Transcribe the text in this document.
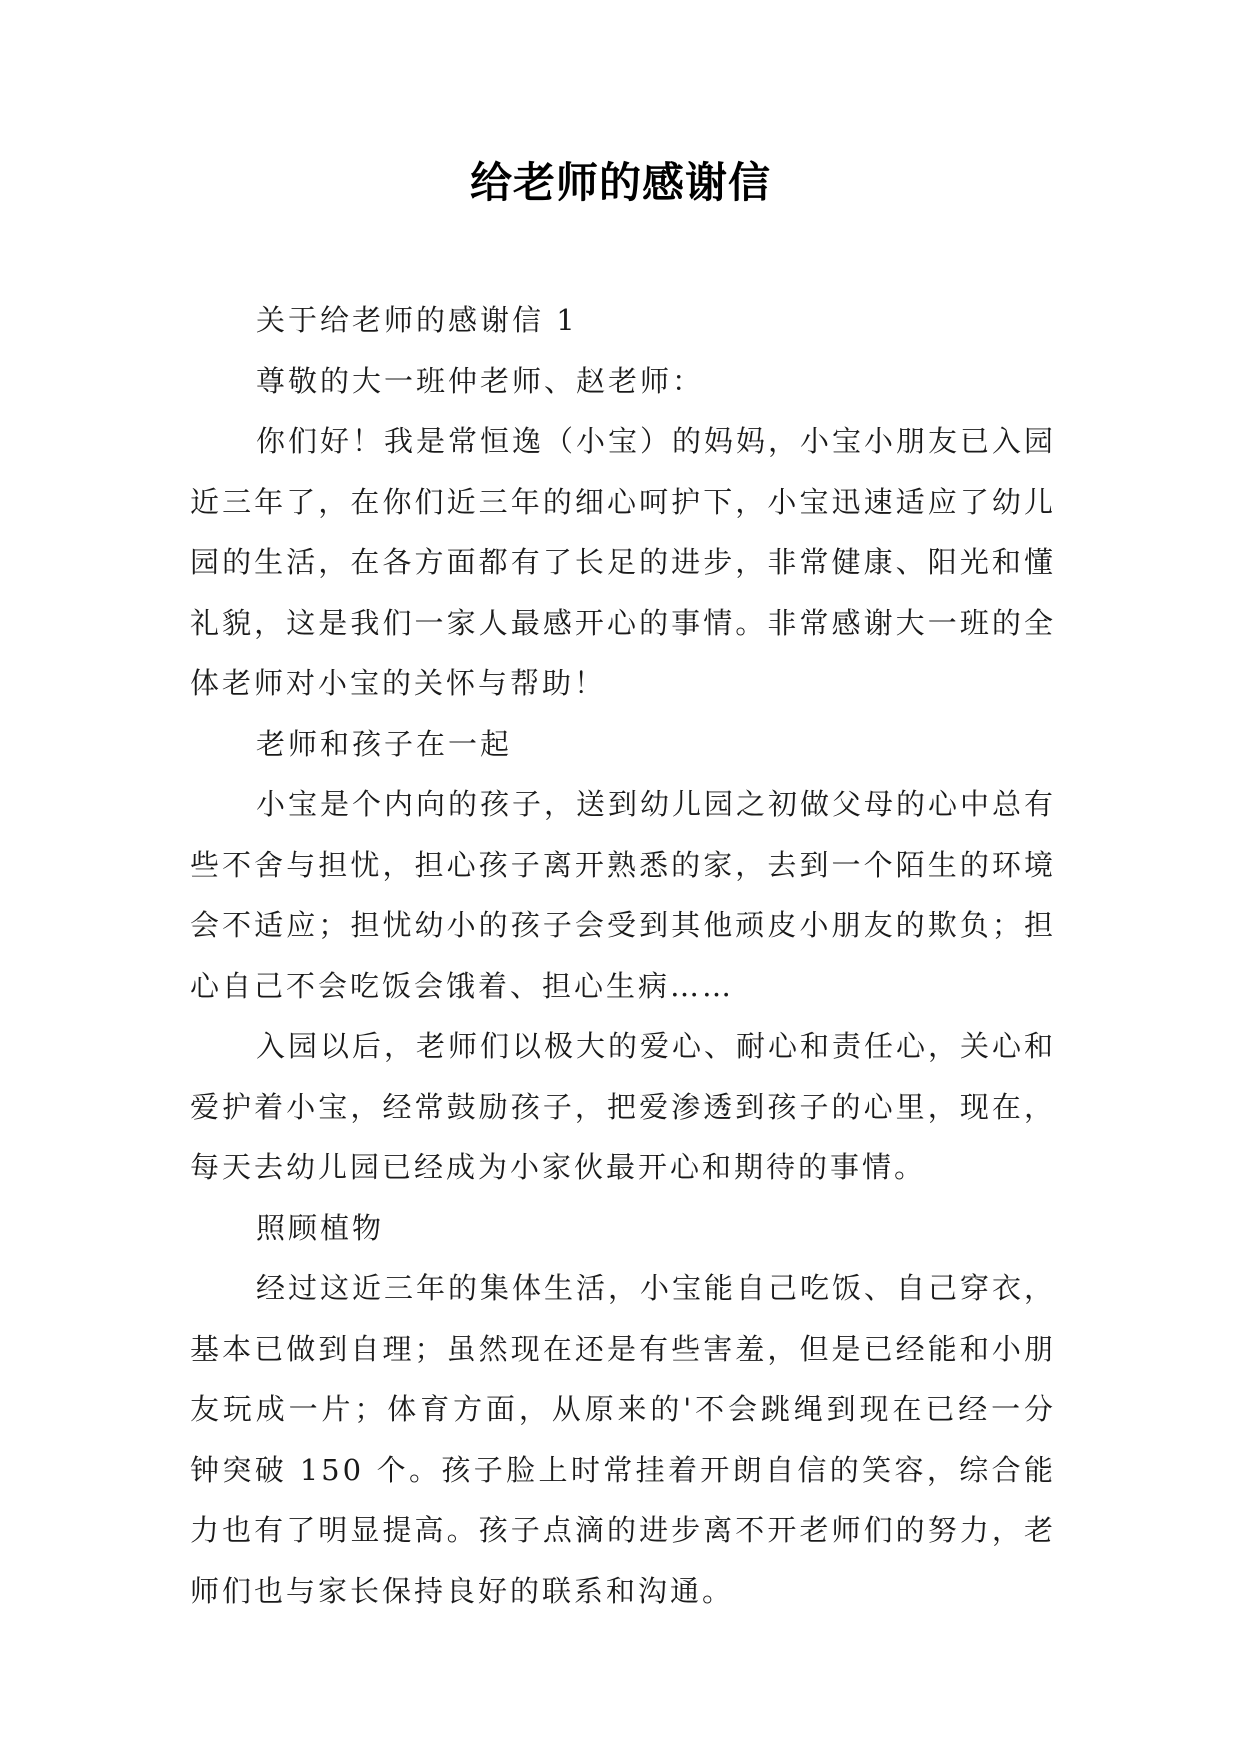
给老师的感谢信

关于给老师的感谢信 1

尊敬的大一班仲老师、赵老师：

你们好！我是常恒逸（小宝）的妈妈，小宝小朋友已入园近三年了，在你们近三年的细心呵护下，小宝迅速适应了幼儿园的生活，在各方面都有了长足的进步，非常健康、阳光和懂礼貌，这是我们一家人最感开心的事情。非常感谢大一班的全体老师对小宝的关怀与帮助！

老师和孩子在一起

小宝是个内向的孩子，送到幼儿园之初做父母的心中总有些不舍与担忧，担心孩子离开熟悉的家，去到一个陌生的环境会不适应；担忧幼小的孩子会受到其他顽皮小朋友的欺负；担心自己不会吃饭会饿着、担心生病……

入园以后，老师们以极大的爱心、耐心和责任心，关心和爱护着小宝，经常鼓励孩子，把爱渗透到孩子的心里，现在，每天去幼儿园已经成为小家伙最开心和期待的事情。

照顾植物

经过这近三年的集体生活，小宝能自己吃饭、自己穿衣，基本已做到自理；虽然现在还是有些害羞，但是已经能和小朋友玩成一片；体育方面，从原来的'不会跳绳到现在已经一分钟突破 150 个。孩子脸上时常挂着开朗自信的笑容，综合能力也有了明显提高。孩子点滴的进步离不开老师们的努力，老师们也与家长保持良好的联系和沟通。
